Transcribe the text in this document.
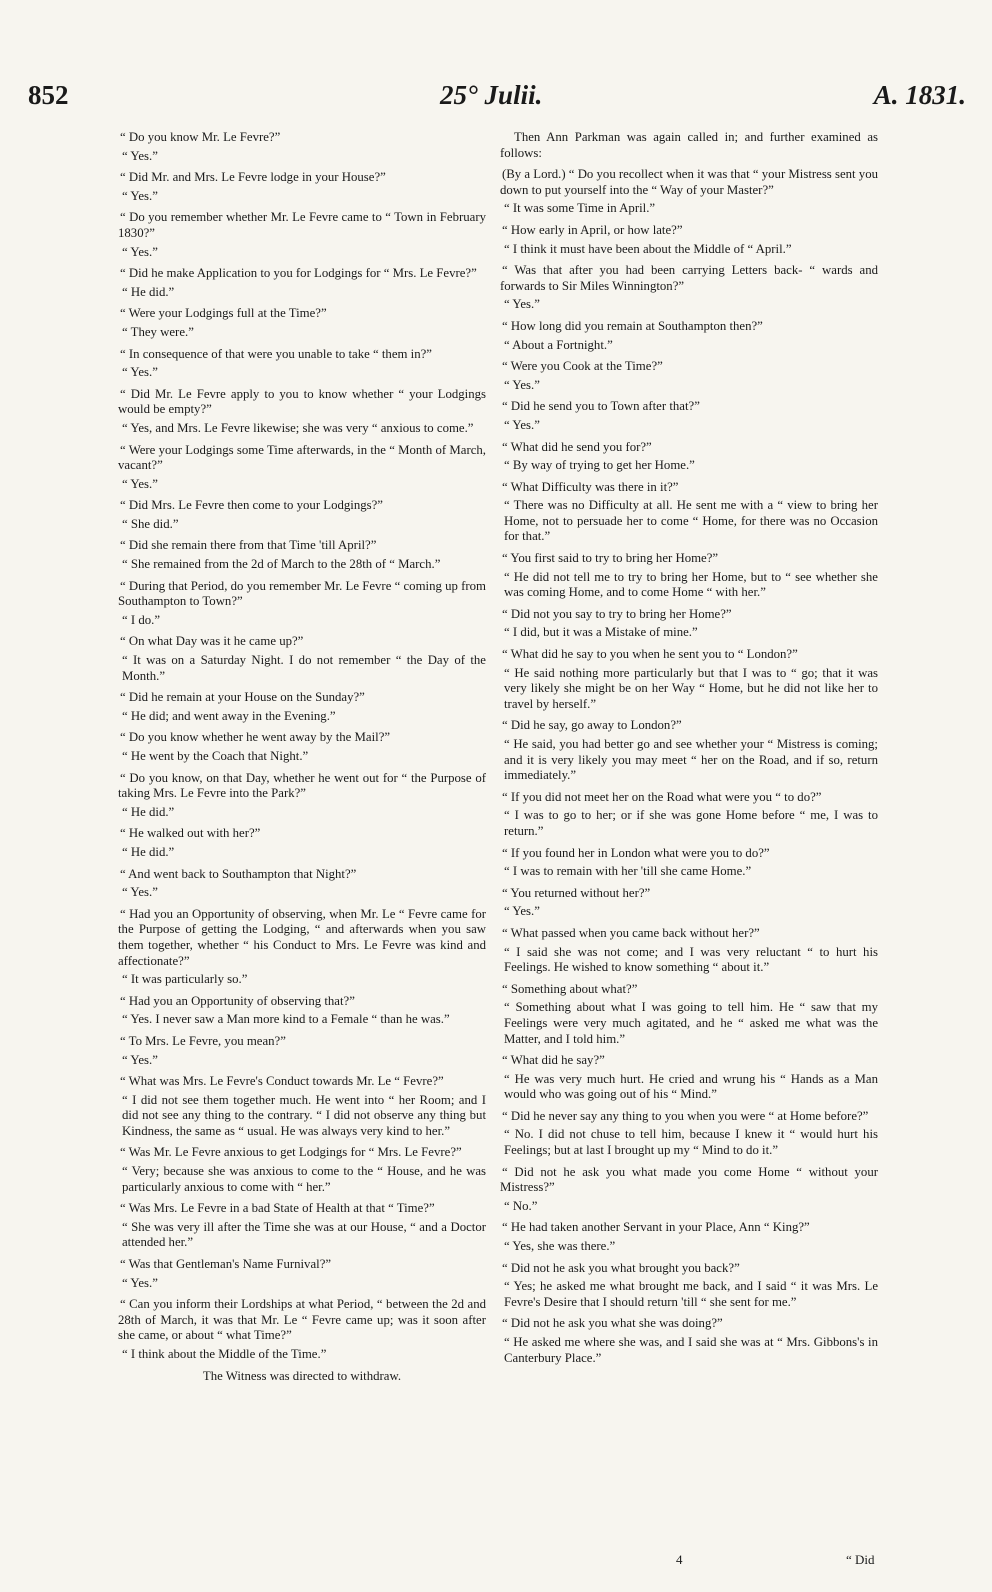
852	25° Julii.	A. 1831.

“ Do you know Mr. Le Fevre?”

“ Yes.”

“ Did Mr. and Mrs. Le Fevre lodge in your House?”

“ Yes.”

“ Do you remember whether Mr. Le Fevre came to “ Town in February 1830?”

“ Yes.”

“ Did he make Application to you for Lodgings for “ Mrs. Le Fevre?”

“ He did.”

“ Were your Lodgings full at the Time?”

“ They were.”

“ In consequence of that were you unable to take “ them in?”

“ Yes.”

“ Did Mr. Le Fevre apply to you to know whether “ your Lodgings would be empty?”

“ Yes, and Mrs. Le Fevre likewise; she was very “ anxious to come.”

“ Were your Lodgings some Time afterwards, in the “ Month of March, vacant?”

“ Yes.”

“ Did Mrs. Le Fevre then come to your Lodgings?”

“ She did.”

“ Did she remain there from that Time 'till April?”

“ She remained from the 2d of March to the 28th of “ March.”

“ During that Period, do you remember Mr. Le Fevre “ coming up from Southampton to Town?”

“ I do.”

“ On what Day was it he came up?”

“ It was on a Saturday Night. I do not remember “ the Day of the Month.”

“ Did he remain at your House on the Sunday?”

“ He did; and went away in the Evening.”

“ Do you know whether he went away by the Mail?”

“ He went by the Coach that Night.”

“ Do you know, on that Day, whether he went out for “ the Purpose of taking Mrs. Le Fevre into the Park?”

“ He did.”

“ He walked out with her?”

“ He did.”

“ And went back to Southampton that Night?”

“ Yes.”

“ Had you an Opportunity of observing, when Mr. Le “ Fevre came for the Purpose of getting the Lodging, “ and afterwards when you saw them together, whether “ his Conduct to Mrs. Le Fevre was kind and affectionate?”

“ It was particularly so.”

“ Had you an Opportunity of observing that?”

“ Yes. I never saw a Man more kind to a Female “ than he was.”

“ To Mrs. Le Fevre, you mean?”

“ Yes.”

“ What was Mrs. Le Fevre's Conduct towards Mr. Le “ Fevre?”

“ I did not see them together much. He went into “ her Room; and I did not see any thing to the contrary. “ I did not observe any thing but Kindness, the same as “ usual. He was always very kind to her.”

“ Was Mr. Le Fevre anxious to get Lodgings for “ Mrs. Le Fevre?”

“ Very; because she was anxious to come to the “ House, and he was particularly anxious to come with “ her.”

“ Was Mrs. Le Fevre in a bad State of Health at that “ Time?”

“ She was very ill after the Time she was at our House, “ and a Doctor attended her.”

“ Was that Gentleman's Name Furnival?”

“ Yes.”

“ Can you inform their Lordships at what Period, “ between the 2d and 28th of March, it was that Mr. Le “ Fevre came up; was it soon after she came, or about “ what Time?”

“ I think about the Middle of the Time.”

The Witness was directed to withdraw.

Then Ann Parkman was again called in; and further examined as follows:

(By a Lord.) “ Do you recollect when it was that “ your Mistress sent you down to put yourself into the “ Way of your Master?”

“ It was some Time in April.”

“ How early in April, or how late?”

“ I think it must have been about the Middle of “ April.”

“ Was that after you had been carrying Letters back- “ wards and forwards to Sir Miles Winnington?”

“ Yes.”

“ How long did you remain at Southampton then?”

“ About a Fortnight.”

“ Were you Cook at the Time?”

“ Yes.”

“ Did he send you to Town after that?”

“ Yes.”

“ What did he send you for?”

“ By way of trying to get her Home.”

“ What Difficulty was there in it?”

“ There was no Difficulty at all. He sent me with a “ view to bring her Home, not to persuade her to come “ Home, for there was no Occasion for that.”

“ You first said to try to bring her Home?”

“ He did not tell me to try to bring her Home, but to “ see whether she was coming Home, and to come Home “ with her.”

“ Did not you say to try to bring her Home?”

“ I did, but it was a Mistake of mine.”

“ What did he say to you when he sent you to “ London?”

“ He said nothing more particularly but that I was to “ go; that it was very likely she might be on her Way “ Home, but he did not like her to travel by herself.”

“ Did he say, go away to London?”

“ He said, you had better go and see whether your “ Mistress is coming; and it is very likely you may meet “ her on the Road, and if so, return immediately.”

“ If you did not meet her on the Road what were you “ to do?”

“ I was to go to her; or if she was gone Home before “ me, I was to return.”

“ If you found her in London what were you to do?”

“ I was to remain with her 'till she came Home.”

“ You returned without her?”

“ Yes.”

“ What passed when you came back without her?”

“ I said she was not come; and I was very reluctant “ to hurt his Feelings. He wished to know something “ about it.”

“ Something about what?”

“ Something about what I was going to tell him. He “ saw that my Feelings were very much agitated, and he “ asked me what was the Matter, and I told him.”

“ What did he say?”

“ He was very much hurt. He cried and wrung his “ Hands as a Man would who was going out of his “ Mind.”

“ Did he never say any thing to you when you were “ at Home before?”

“ No. I did not chuse to tell him, because I knew it “ would hurt his Feelings; but at last I brought up my “ Mind to do it.”

“ Did not he ask you what made you come Home “ without your Mistress?”

“ No.”

“ He had taken another Servant in your Place, Ann “ King?”

“ Yes, she was there.”

“ Did not he ask you what brought you back?”

“ Yes; he asked me what brought me back, and I said “ it was Mrs. Le Fevre's Desire that I should return 'till “ she sent for me.”

“ Did not he ask you what she was doing?”

“ He asked me where she was, and I said she was at “ Mrs. Gibbons's in Canterbury Place.”

4	“ Did
